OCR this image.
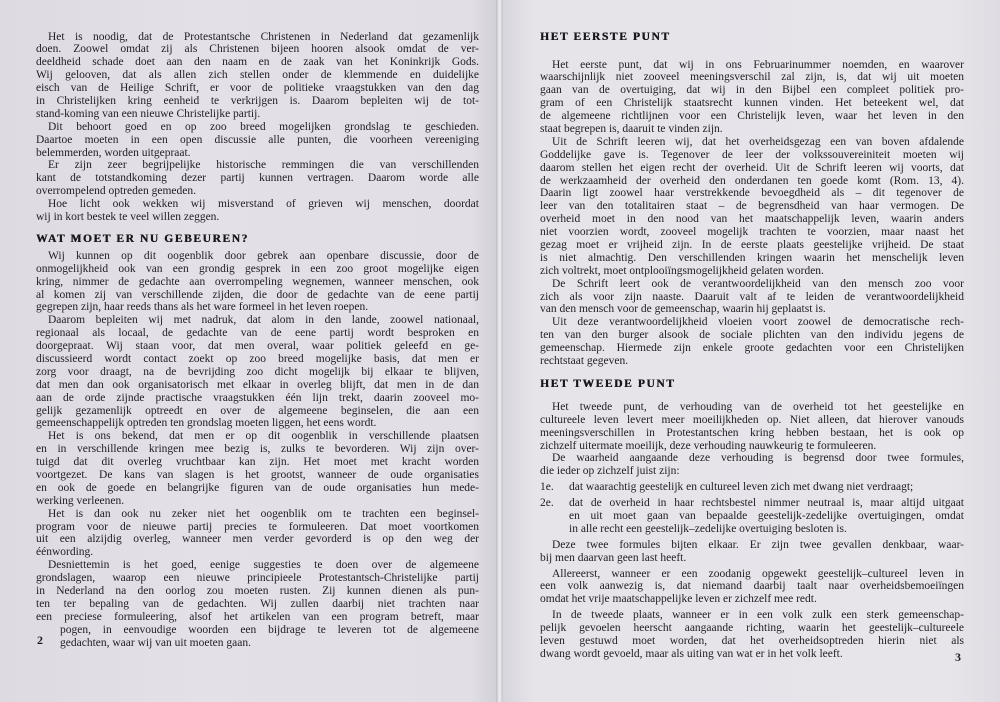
Het is noodig, dat de Protestantsche Christenen in Nederland dat gezamenlijk
doen. Zoowel omdat zij als Christenen bijeen hooren alsook omdat de ver-
deeldheid schade doet aan den naam en de zaak van het Koninkrijk Gods.
Wij gelooven, dat als allen zich stellen onder de klemmende en duidelijke
eisch van de Heilige Schrift, er voor de politieke vraagstukken van den dag
in Christelijken kring eenheid te verkrijgen is. Daarom bepleiten wij de tot-
stand-koming van een nieuwe Christelijke partij.
Dit behoort goed en op zoo breed mogelijken grondslag te geschieden.
Daartoe moeten in een open discussie alle punten, die voorheen vereeniging
belemmerden, worden uitgepraat.
Er zijn zeer begrijpelijke historische remmingen die van verschillenden
kant de totstandkoming dezer partij kunnen vertragen. Daarom worde alle
overrompelend optreden gemeden.
Hoe licht ook wekken wij misverstand of grieven wij menschen, doordat
wij in kort bestek te veel willen zeggen.
WAT MOET ER NU GEBEUREN?
Wij kunnen op dit oogenblik door gebrek aan openbare discussie, door de
onmogelijkheid ook van een grondig gesprek in een zoo groot mogelijke eigen
kring, nimmer de gedachte aan overrompeling wegnemen, wanneer menschen, ook
al komen zij van verschillende zijden, die door de gedachte van de eene partij
gegrepen zijn, haar reeds thans als het ware formeel in het leven roepen.
Daarom bepleiten wij met nadruk, dat alom in den lande, zoowel nationaal,
regionaal als locaal, de gedachte van de eene partij wordt besproken en
doorgepraat. Wij staan voor, dat men overal, waar politiek geleefd en ge-
discussieerd wordt contact zoekt op zoo breed mogelijke basis, dat men er
zorg voor draagt, na de bevrijding zoo dicht mogelijk bij elkaar te blijven,
dat men dan ook organisatorisch met elkaar in overleg blijft, dat men in de dan
aan de orde zijnde practische vraagstukken één lijn trekt, daarin zooveel mo-
gelijk gezamenlijk optreedt en over de algemeene beginselen, die aan een
gemeenschappelijk optreden ten grondslag moeten liggen, het eens wordt.
Het is ons bekend, dat men er op dit oogenblik in verschillende plaatsen
en in verschillende kringen mee bezig is, zulks te bevorderen. Wij zijn over-
tuigd dat dit overleg vruchtbaar kan zijn. Het moet met kracht worden
voortgezet. De kans van slagen is het grootst, wanneer de oude organisaties
en ook de goede en belangrijke figuren van de oude organisaties hun mede-
werking verleenen.
Het is dan ook nu zeker niet het oogenblik om te trachten een beginsel-
program voor de nieuwe partij precies te formuleeren. Dat moet voortkomen
uit een alzijdig overleg, wanneer men verder gevorderd is op den weg der
éénwording.
Desniettemin is het goed, eenige suggesties te doen over de algemeene
grondslagen, waarop een nieuwe principieele Protestantsch-Christelijke partij
in Nederland na den oorlog zou moeten rusten. Zij kunnen dienen als pun-
ten ter bepaling van de gedachten. Wij zullen daarbij niet trachten naar
een preciese formuleering, alsof het artikelen van een program betreft, maar
pogen, in eenvoudige woorden een bijdrage te leveren tot de algemeene
gedachten, waar wij van uit moeten gaan.
2
HET EERSTE PUNT
Het eerste punt, dat wij in ons Februarinummer noemden, en waarover
waarschijnlijk niet zooveel meeningsverschil zal zijn, is, dat wij uit moeten
gaan van de overtuiging, dat wij in den Bijbel een compleet politiek pro-
gram of een Christelijk staatsrecht kunnen vinden. Het beteekent wel, dat
de algemeene richtlijnen voor een Christelijk leven, waar het leven in den
staat begrepen is, daaruit te vinden zijn.
Uit de Schrift leeren wij, dat het overheidsgezag een van boven afdalende
Goddelijke gave is. Tegenover de leer der volkssouvereiniteit moeten wij
daarom stellen het eigen recht der overheid. Uit de Schrift leeren wij voorts, dat
de werkzaamheid der overheid den onderdanen ten goede komt (Rom. 13, 4).
Daarin ligt zoowel haar verstrekkende bevoegdheid als – dit tegenover de
leer van den totalitairen staat – de begrensdheid van haar vermogen. De
overheid moet in den nood van het maatschappelijk leven, waarin anders
niet voorzien wordt, zooveel mogelijk trachten te voorzien, maar naast het
gezag moet er vrijheid zijn. In de eerste plaats geestelijke vrijheid. De staat
is niet almachtig. Den verschillenden kringen waarin het menschelijk leven
zich voltrekt, moet ontplooiïngsmogelijkheid gelaten worden.
De Schrift leert ook de verantwoordelijkheid van den mensch zoo voor
zich als voor zijn naaste. Daaruit valt af te leiden de verantwoordelijkheid
van den mensch voor de gemeenschap, waarin hij geplaatst is.
Uit deze verantwoordelijkheid vloeien voort zoowel de democratische rech-
ten van den burger alsook de sociale plichten van den individu jegens de
gemeenschap. Hiermede zijn enkele groote gedachten voor een Christelijken
rechtstaat gegeven.
HET TWEEDE PUNT
Het tweede punt, de verhouding van de overheid tot het geestelijke en
cultureele leven levert meer moeilijkheden op. Niet alleen, dat hierover vanouds
meeningsverschillen in Protestantschen kring hebben bestaan, het is ook op
zichzelf uitermate moeilijk, deze verhouding nauwkeurig te formuleeren.
De waarheid aangaande deze verhouding is begrensd door twee formules,
die ieder op zichzelf juist zijn:
1e.	dat waarachtig geestelijk en cultureel leven zich met dwang niet verdraagt;
2e.	dat de overheid in haar rechtsbestel nimmer neutraal is, maar altijd uitgaat
en uit moet gaan van bepaalde geestelijk-zedelijke overtuigingen, omdat
in alle recht een geestelijk–zedelijke overtuiging besloten is.
Deze twee formules bijten elkaar. Er zijn twee gevallen denkbaar, waar-
bij men daarvan geen last heeft.
Allereerst, wanneer er een zoodanig opgewekt geestelijk–cultureel leven in
een volk aanwezig is, dat niemand daarbij taalt naar overheidsbemoeiïngen
omdat het vrije maatschappelijke leven er zichzelf mee redt.
In de tweede plaats, wanneer er in een volk zulk een sterk gemeenschap-
pelijk gevoelen heerscht aangaande richting, waarin het geestelijk–cultureele
leven gestuwd moet worden, dat het overheidsoptreden hierin niet als
dwang wordt gevoeld, maar als uiting van wat er in het volk leeft.	3
